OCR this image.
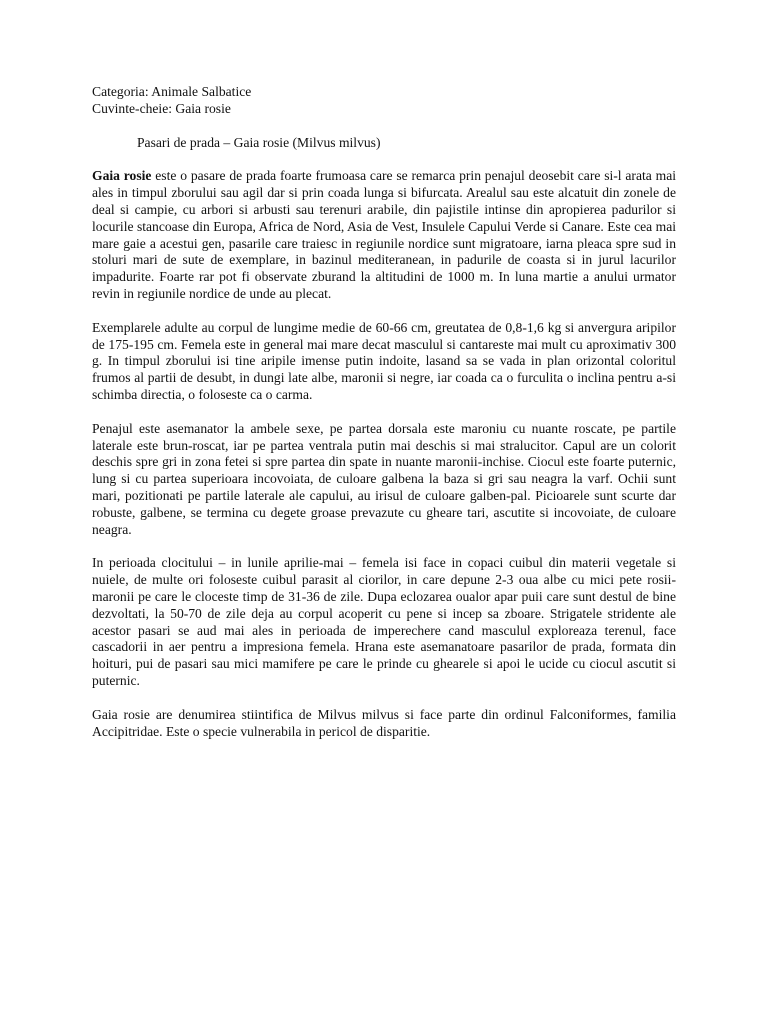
Categoria: Animale Salbatice

Cuvinte-cheie: Gaia rosie

Pasari de prada – Gaia rosie (Milvus milvus)

Gaia rosie este o pasare de prada foarte frumoasa care se remarca prin penajul deosebit care si-l arata mai ales in timpul zborului sau agil dar si prin coada lunga si bifurcata. Arealul sau este alcatuit din zonele de deal si campie, cu arbori si arbusti sau terenuri arabile, din pajistile intinse din apropierea padurilor si locurile stancoase din Europa, Africa de Nord, Asia de Vest, Insulele Capului Verde si Canare. Este cea mai mare gaie a acestui gen, pasarile care traiesc in regiunile nordice sunt migratoare, iarna pleaca spre sud in stoluri mari de sute de exemplare, in bazinul mediteranean, in padurile de coasta si in jurul lacurilor impadurite. Foarte rar pot fi observate zburand la altitudini de 1000 m. In luna martie a anului urmator revin in regiunile nordice de unde au plecat.

Exemplarele adulte au corpul de lungime medie de 60-66 cm, greutatea de 0,8-1,6 kg si anvergura aripilor de 175-195 cm. Femela este in general mai mare decat masculul si cantareste mai mult cu aproximativ 300 g. In timpul zborului isi tine aripile imense putin indoite, lasand sa se vada in plan orizontal coloritul frumos al partii de desubt, in dungi late albe, maronii si negre, iar coada ca o furculita o inclina pentru a-si schimba directia, o foloseste ca o carma.

Penajul este asemanator la ambele sexe, pe partea dorsala este maroniu cu nuante roscate, pe partile laterale este brun-roscat, iar pe partea ventrala putin mai deschis si mai stralucitor. Capul are un colorit deschis spre gri in zona fetei si spre partea din spate in nuante maronii-inchise. Ciocul este foarte puternic, lung si cu partea superioara incovoiata, de culoare galbena la baza si gri sau neagra la varf. Ochii sunt mari, pozitionati pe partile laterale ale capului, au irisul de culoare galben-pal. Picioarele sunt scurte dar robuste, galbene, se termina cu degete groase prevazute cu gheare tari, ascutite si incovoiate, de culoare neagra.

In perioada clocitului – in lunile aprilie-mai – femela isi face in copaci cuibul din materii vegetale si nuiele, de multe ori foloseste cuibul parasit al ciorilor, in care depune 2-3 oua albe cu mici pete rosii-maronii pe care le cloceste timp de 31-36 de zile. Dupa eclozarea oualor apar puii care sunt destul de bine dezvoltati, la 50-70 de zile deja au corpul acoperit cu pene si incep sa zboare. Strigatele stridente ale acestor pasari se aud mai ales in perioada de imperechere cand masculul exploreaza terenul, face cascadorii in aer pentru a impresiona femela. Hrana este asemanatoare pasarilor de prada, formata din hoituri, pui de pasari sau mici mamifere pe care le prinde cu ghearele si apoi le ucide cu ciocul ascutit si puternic.

Gaia rosie are denumirea stiintifica de Milvus milvus si face parte din ordinul Falconiformes, familia Accipitridae. Este o specie vulnerabila in pericol de disparitie.
